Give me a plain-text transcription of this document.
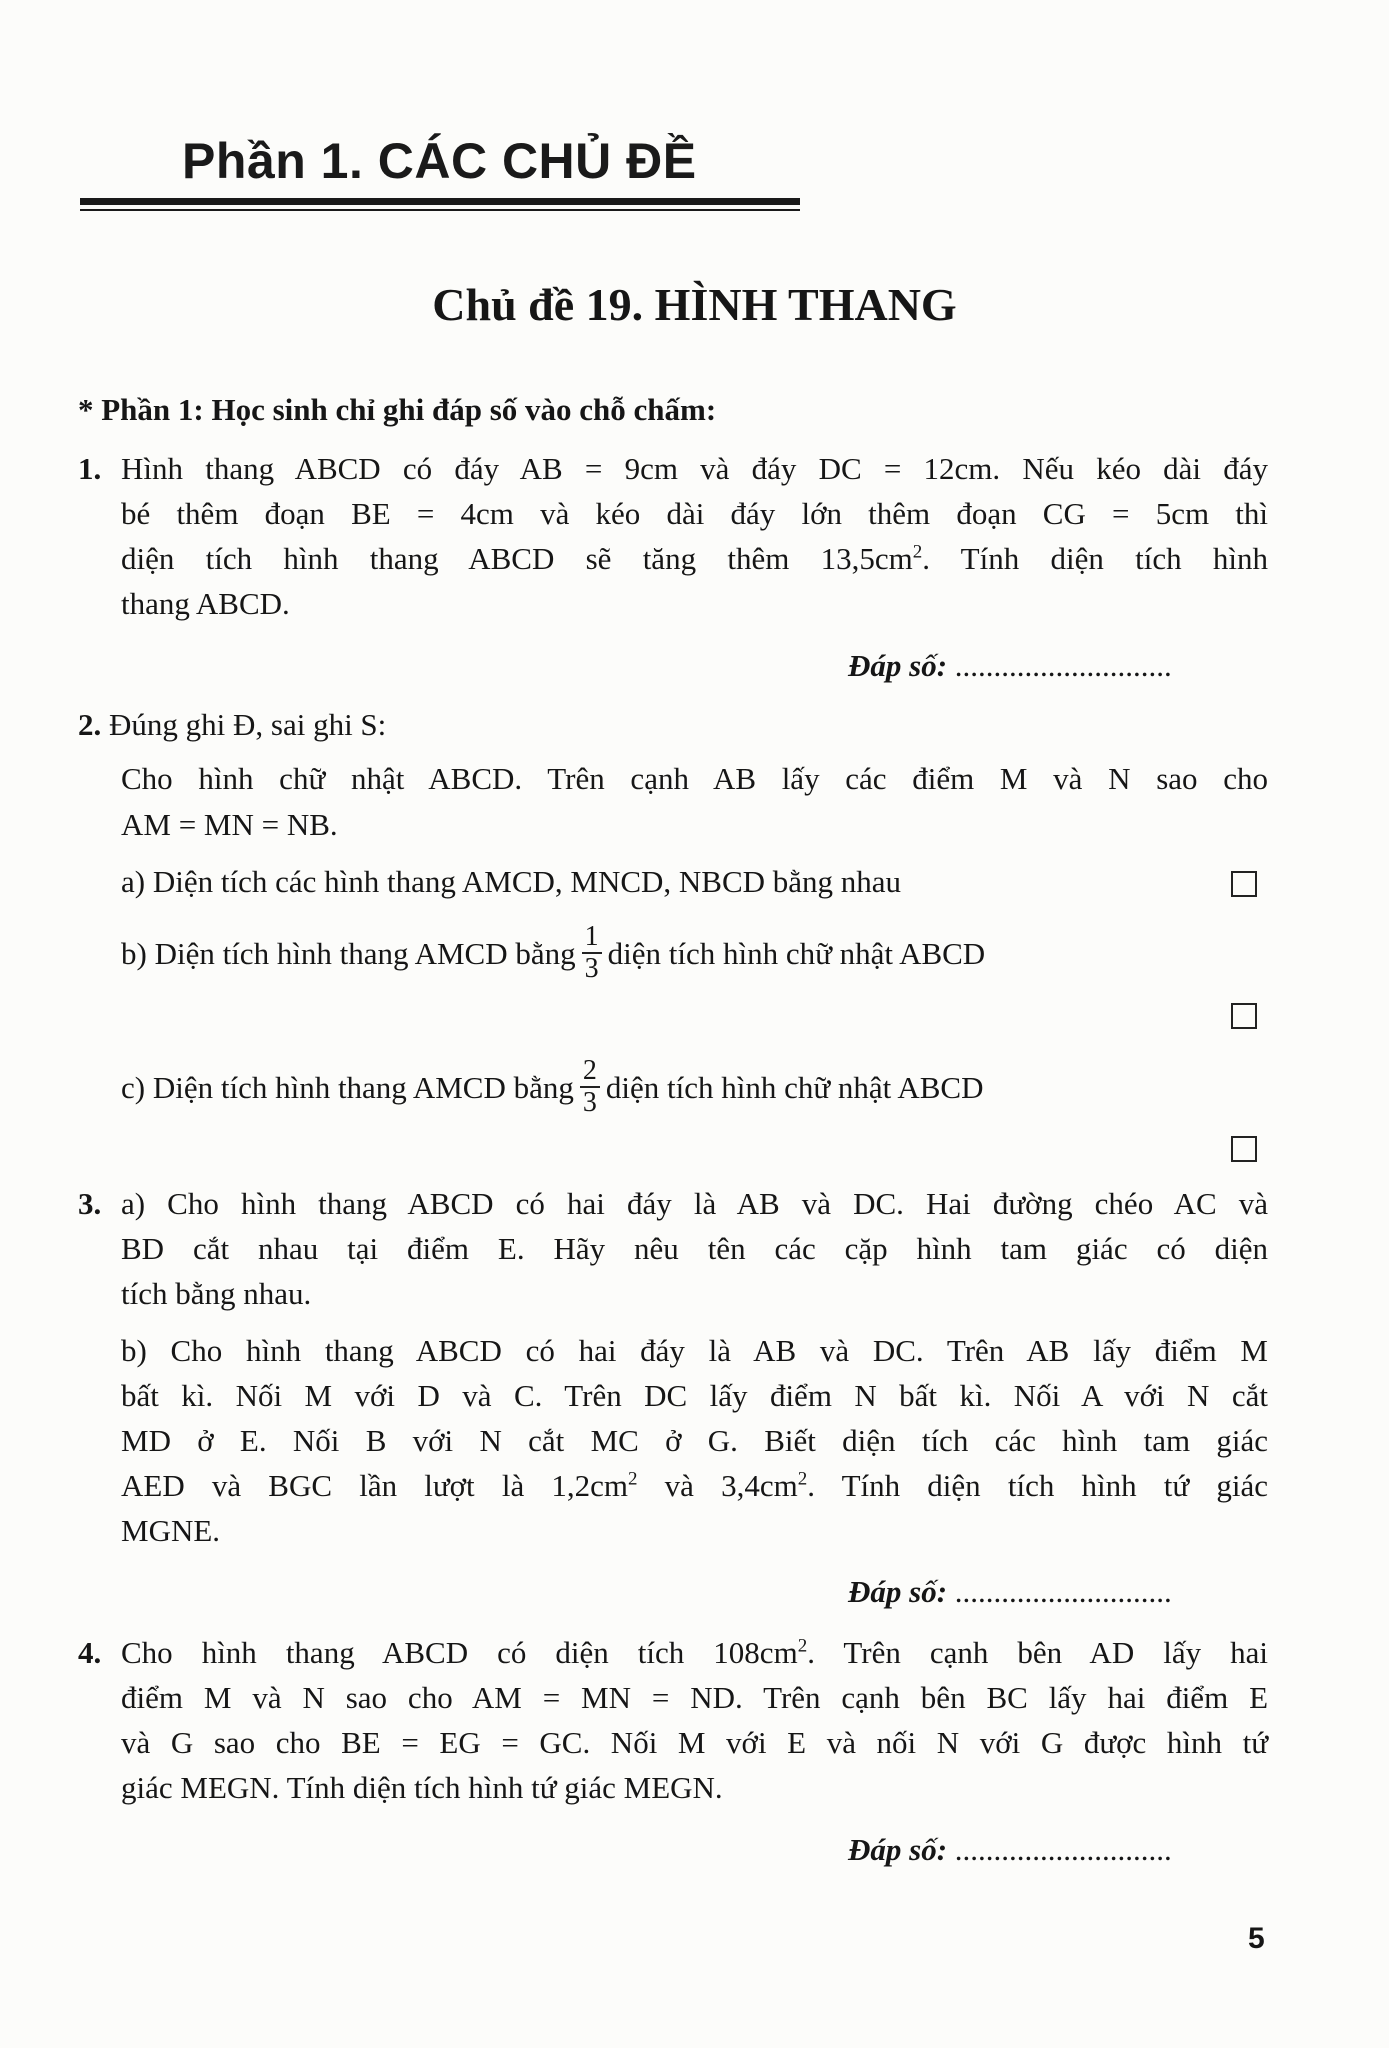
Phần 1. CÁC CHỦ ĐỀ
Chủ đề 19. HÌNH THANG
* Phần 1: Học sinh chỉ ghi đáp số vào chỗ chấm:
1. Hình thang ABCD có đáy AB = 9cm và đáy DC = 12cm. Nếu kéo dài đáy
bé thêm đoạn BE = 4cm và kéo dài đáy lớn thêm đoạn CG = 5cm thì
diện tích hình thang ABCD sẽ tăng thêm $13,5cm^2$. Tính diện tích hình
thang ABCD.
Đáp số: ............................
2. Đúng ghi Đ, sai ghi S:
Cho hình chữ nhật ABCD. Trên cạnh AB lấy các điểm M và N sao cho
AM = MN = NB.
a) Diện tích các hình thang AMCD, MNCD, NBCD bằng nhau
b) Diện tích hình thang AMCD bằng $\frac{1}{3}$ diện tích hình chữ nhật ABCD
c) Diện tích hình thang AMCD bằng $\frac{2}{3}$ diện tích hình chữ nhật ABCD
3. a) Cho hình thang ABCD có hai đáy là AB và DC. Hai đường chéo AC và
BD cắt nhau tại điểm E. Hãy nêu tên các cặp hình tam giác có diện
tích bằng nhau.
b) Cho hình thang ABCD có hai đáy là AB và DC. Trên AB lấy điểm M
bất kì. Nối M với D và C. Trên DC lấy điểm N bất kì. Nối A với N cắt
MD ở E. Nối B với N cắt MC ở G. Biết diện tích các hình tam giác
AED và BGC lần lượt là $1,2cm^2$ và $3,4cm^2$. Tính diện tích hình tứ giác
MGNE.
Đáp số: ............................
4. Cho hình thang ABCD có diện tích $108cm^2$. Trên cạnh bên AD lấy hai
điểm M và N sao cho AM = MN = ND. Trên cạnh bên BC lấy hai điểm E
và G sao cho BE = EG = GC. Nối M với E và nối N với G được hình tứ
giác MEGN. Tính diện tích hình tứ giác MEGN.
Đáp số: ............................
5
